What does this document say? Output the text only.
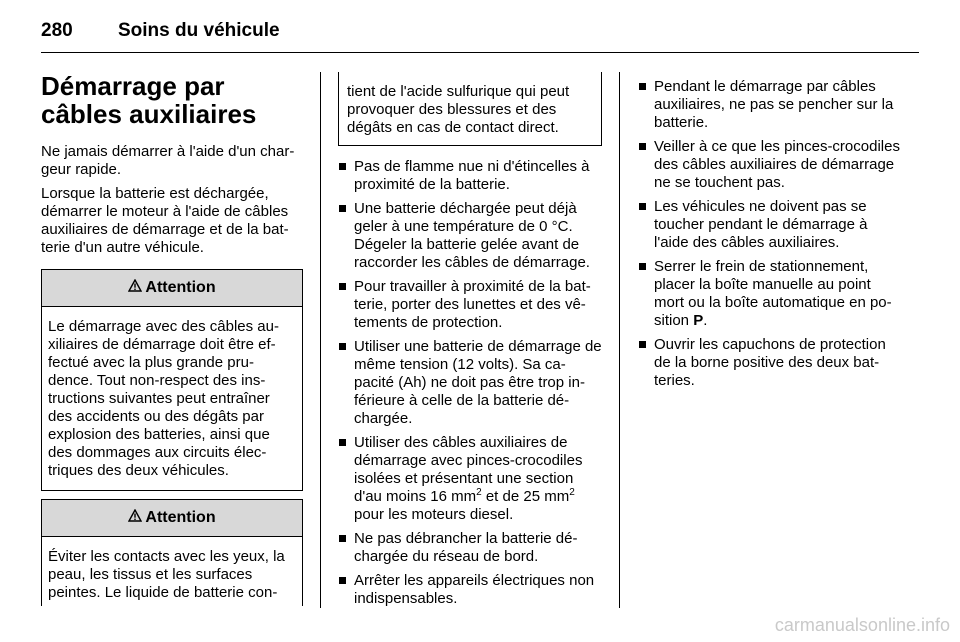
280 Soins du véhicule
Démarrage par câbles auxiliaires

Ne jamais démarrer à l'aide d'un char-geur rapide.

Lorsque la batterie est déchargée, démarrer le moteur à l'aide de câbles auxiliaires de démarrage et de la bat-terie d'un autre véhicule.

Attention
Le démarrage avec des câbles au-xiliaires de démarrage doit être ef-fectué avec la plus grande pru-dence. Tout non-respect des ins-tructions suivantes peut entraîner des accidents ou des dégâts par explosion des batteries, ainsi que des dommages aux circuits élec-triques des deux véhicules.
Attention
Éviter les contacts avec les yeux, la peau, les tissus et les surfaces peintes. Le liquide de batterie con-
tient de l'acide sulfurique qui peut provoquer des blessures et des dégâts en cas de contact direct.
Pas de flamme nue ni d'étincelles à proximité de la batterie.
Une batterie déchargée peut déjà geler à une température de 0 °C. Dégeler la batterie gelée avant de raccorder les câbles de démarrage.
Pour travailler à proximité de la bat-terie, porter des lunettes et des vê-tements de protection.
Utiliser une batterie de démarrage de même tension (12 volts). Sa ca-pacité (Ah) ne doit pas être trop in-férieure à celle de la batterie dé-chargée.
Utiliser des câbles auxiliaires de démarrage avec pinces-crocodiles isolées et présentant une section d'au moins 16 $mm^2$ et de 25 $mm^2$ pour les moteurs diesel.
Ne pas débrancher la batterie dé-chargée du réseau de bord.
Arrêter les appareils électriques non indispensables.
Pendant le démarrage par câbles auxiliaires, ne pas se pencher sur la batterie.
Veiller à ce que les pinces-crocodiles des câbles auxiliaires de démarrage ne se touchent pas.
Les véhicules ne doivent pas se toucher pendant le démarrage à l'aide des câbles auxiliaires.
Serrer le frein de stationnement, placer la boîte manuelle au point mort ou la boîte automatique en po-sition P.
Ouvrir les capuchons de protection de la borne positive des deux bat-teries.
carmanualsonline.info
